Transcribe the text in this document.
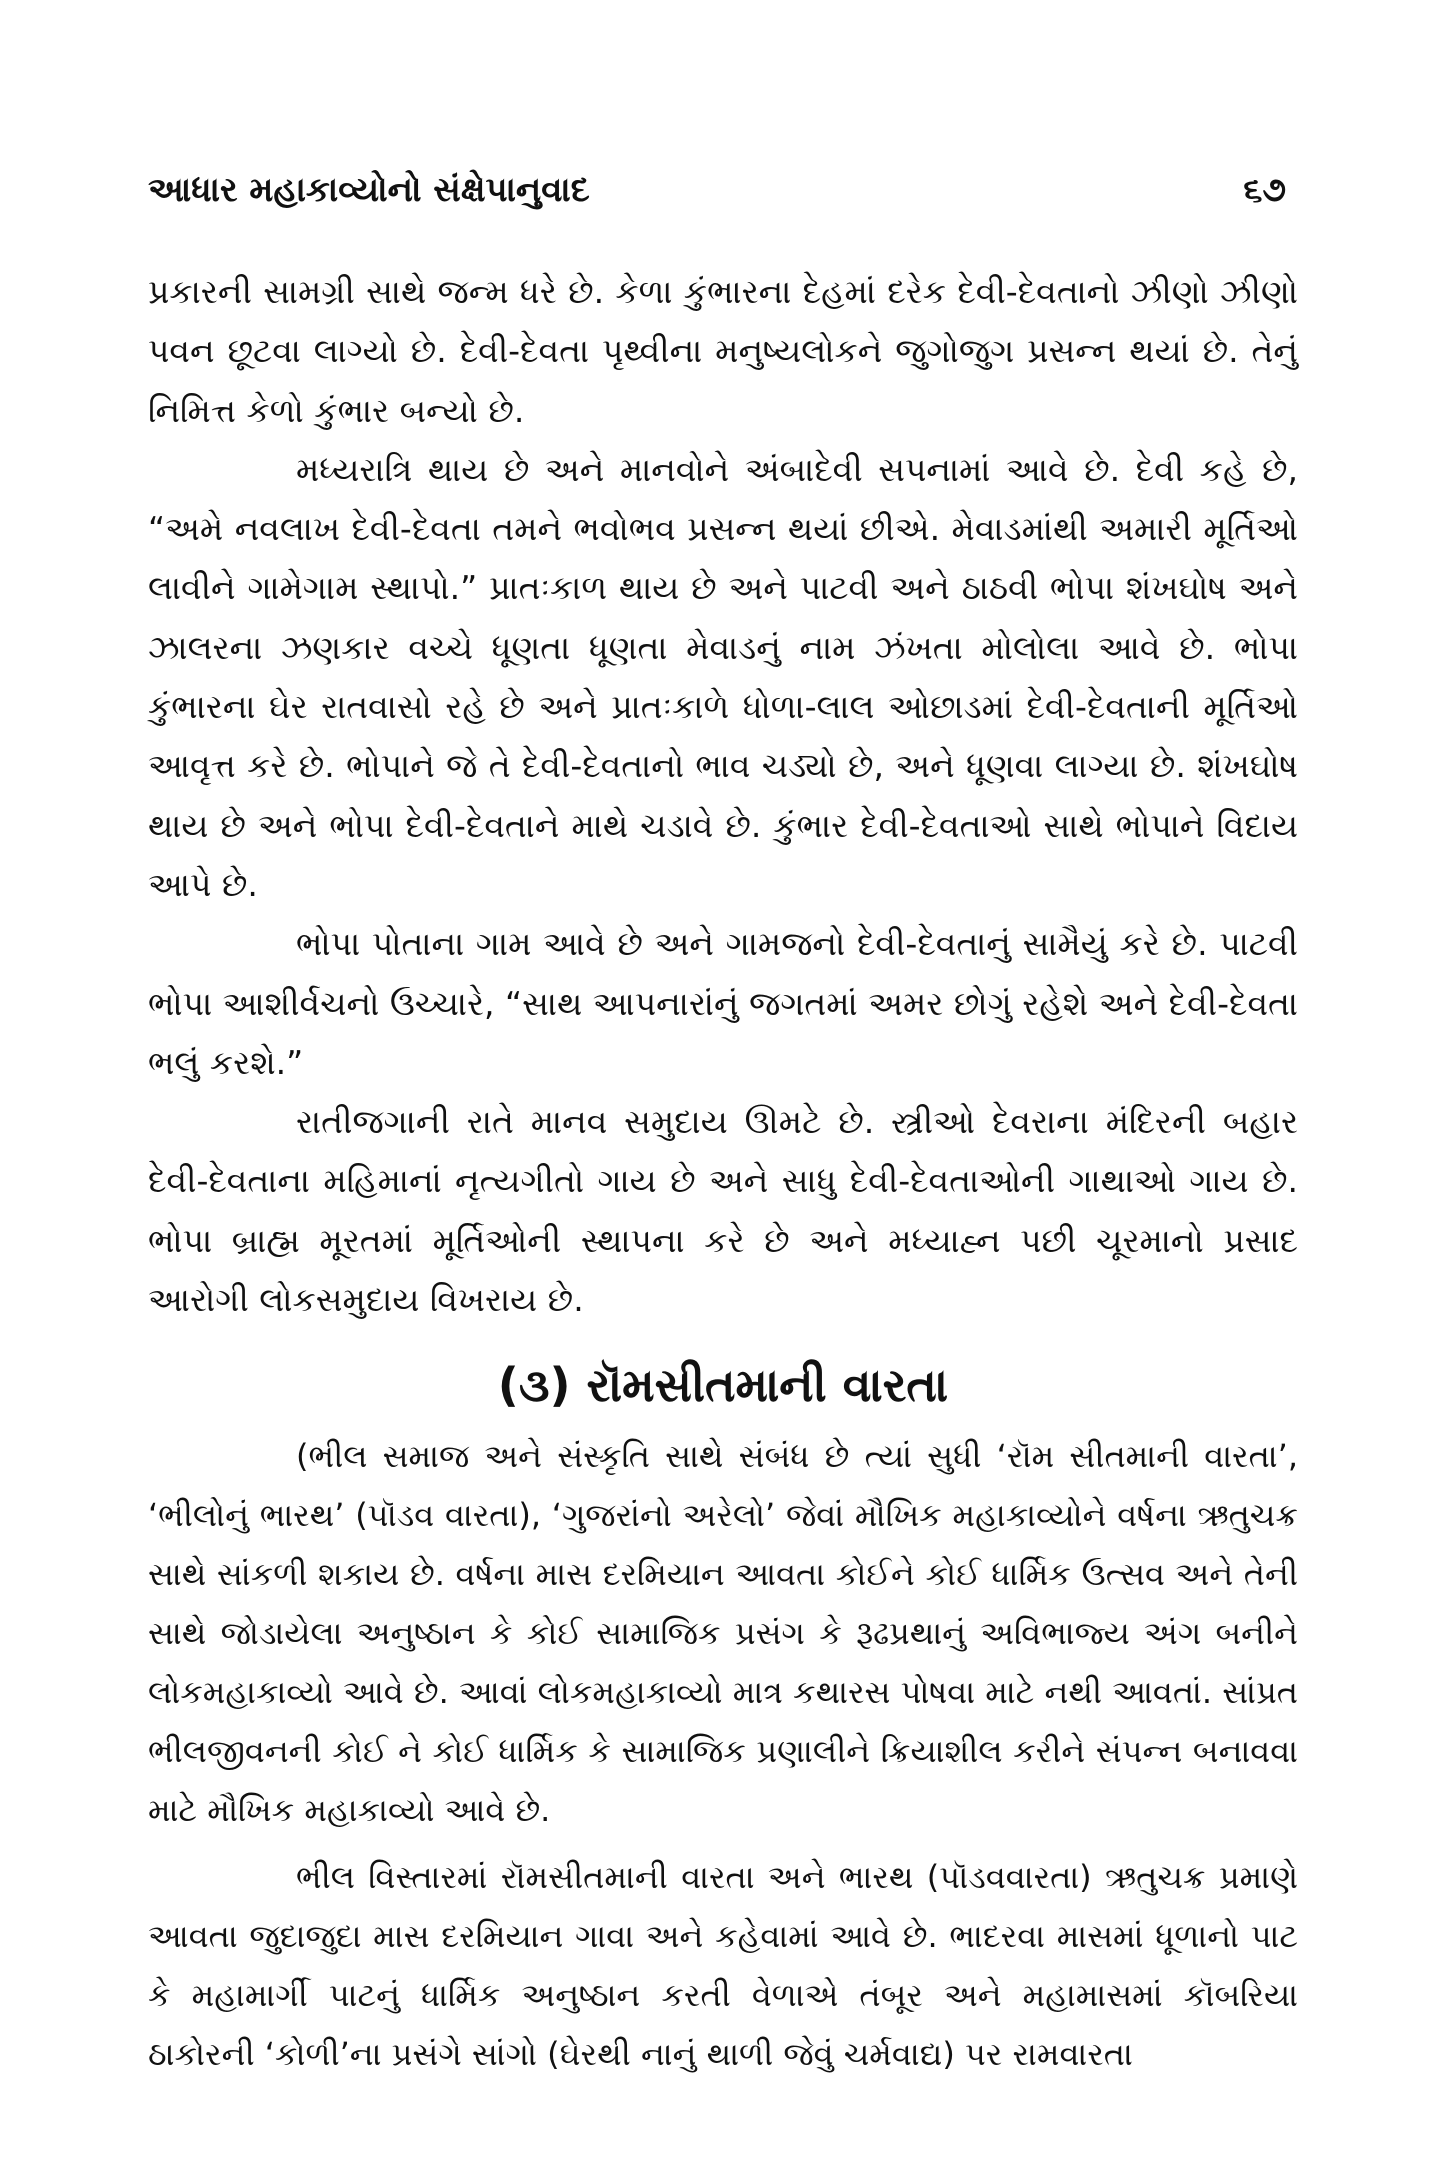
આધાર મહાકાવ્યોનો સંક્ષેપાનુવાદ	૬૭

પ્રકારની સામગ્રી સાથે જન્મ ધરે છે. કેળા કુંભારના દેહમાં દરેક દેવી-દેવતાનો ઝીણો ઝીણો પવન છૂટવા લાગ્યો છે. દેવી-દેવતા પૃથ્વીના મનુષ્યલોકને જુગોજુગ પ્રસન્ન થયાં છે. તેનું નિમિત્ત કેળો કુંભાર બન્યો છે.

મધ્યરાત્રિ થાય છે અને માનવોને અંબાદેવી સપનામાં આવે છે. દેવી કહે છે, “અમે નવલાખ દેવી-દેવતા તમને ભવોભવ પ્રસન્ન થયાં છીએ. મેવાડમાંથી અમારી મૂર્તિઓ લાવીને ગામેગામ સ્થાપો.” પ્રાતઃકાળ થાય છે અને પાટવી અને ઠાઠવી ભોપા શંખઘોષ અને ઝાલરના ઝણકાર વચ્ચે ધૂણતા ધૂણતા મેવાડનું નામ ઝંખતા મોલોલા આવે છે. ભોપા કુંભારના ઘેર રાતવાસો રહે છે અને પ્રાતઃકાળે ધોળા-લાલ ઓછાડમાં દેવી-દેવતાની મૂર્તિઓ આવૃત્ત કરે છે. ભોપાને જે તે દેવી-દેવતાનો ભાવ ચડ્યો છે, અને ધૂણવા લાગ્યા છે. શંખઘોષ થાય છે અને ભોપા દેવી-દેવતાને માથે ચડાવે છે. કુંભાર દેવી-દેવતાઓ સાથે ભોપાને વિદાય આપે છે.

ભોપા પોતાના ગામ આવે છે અને ગામજનો દેવી-દેવતાનું સામૈયું કરે છે. પાટવી ભોપા આશીર્વચનો ઉચ્ચારે, “સાથ આપનારાંનું જગતમાં અમર છોગું રહેશે અને દેવી-દેવતા ભલું કરશે.”

રાતીજગાની રાતે માનવ સમુદાય ઊમટે છે. સ્ત્રીઓ દેવરાના મંદિરની બહાર દેવી-દેવતાના મહિમાનાં નૃત્યગીતો ગાય છે અને સાધુ દેવી-દેવતાઓની ગાથાઓ ગાય છે. ભોપા બ્રાહ્મ મૂરતમાં મૂર્તિઓની સ્થાપના કરે છે અને મધ્યાહ્ન પછી ચૂરમાનો પ્રસાદ આરોગી લોકસમુદાય વિખરાય છે.

(૩) રૉમસીતમાની વારતા

(ભીલ સમાજ અને સંસ્કૃતિ સાથે સંબંધ છે ત્યાં સુધી ‘રૉમ સીતમાની વારતા’, ‘ભીલોનું ભારથ’ (પૉડવ વારતા), ‘ગુજરાંનો અરેલો’ જેવાં મૌખિક મહાકાવ્યોને વર્ષના ઋતુચક્ર સાથે સાંકળી શકાય છે. વર્ષના માસ દરમિયાન આવતા કોઈને કોઈ ધાર્મિક ઉત્સવ અને તેની સાથે જોડાયેલા અનુષ્ઠાન કે કોઈ સામાજિક પ્રસંગ કે રૂઢપ્રથાનું અવિભાજ્ય અંગ બનીને લોકમહાકાવ્યો આવે છે. આવાં લોકમહાકાવ્યો માત્ર કથારસ પોષવા માટે નથી આવતાં. સાંપ્રત ભીલજીવનની કોઈ ને કોઈ ધાર્મિક કે સામાજિક પ્રણાલીને ક્રિયાશીલ કરીને સંપન્ન બનાવવા માટે મૌખિક મહાકાવ્યો આવે છે.

ભીલ વિસ્તારમાં રૉમસીતમાની વારતા અને ભારથ (પૉડવવારતા) ઋતુચક્ર પ્રમાણે આવતા જુદાજુદા માસ દરમિયાન ગાવા અને કહેવામાં આવે છે. ભાદરવા માસમાં ધૂળાનો પાટ કે મહામાર્ગી પાટનું ધાર્મિક અનુષ્ઠાન કરતી વેળાએ તંબૂર અને મહામાસમાં કૉબરિયા ઠાકોરની ‘કોળી’ના પ્રસંગે સાંગો (ઘેરથી નાનું થાળી જેવું ચર્મવાદ્ય) પર રામવારતા
